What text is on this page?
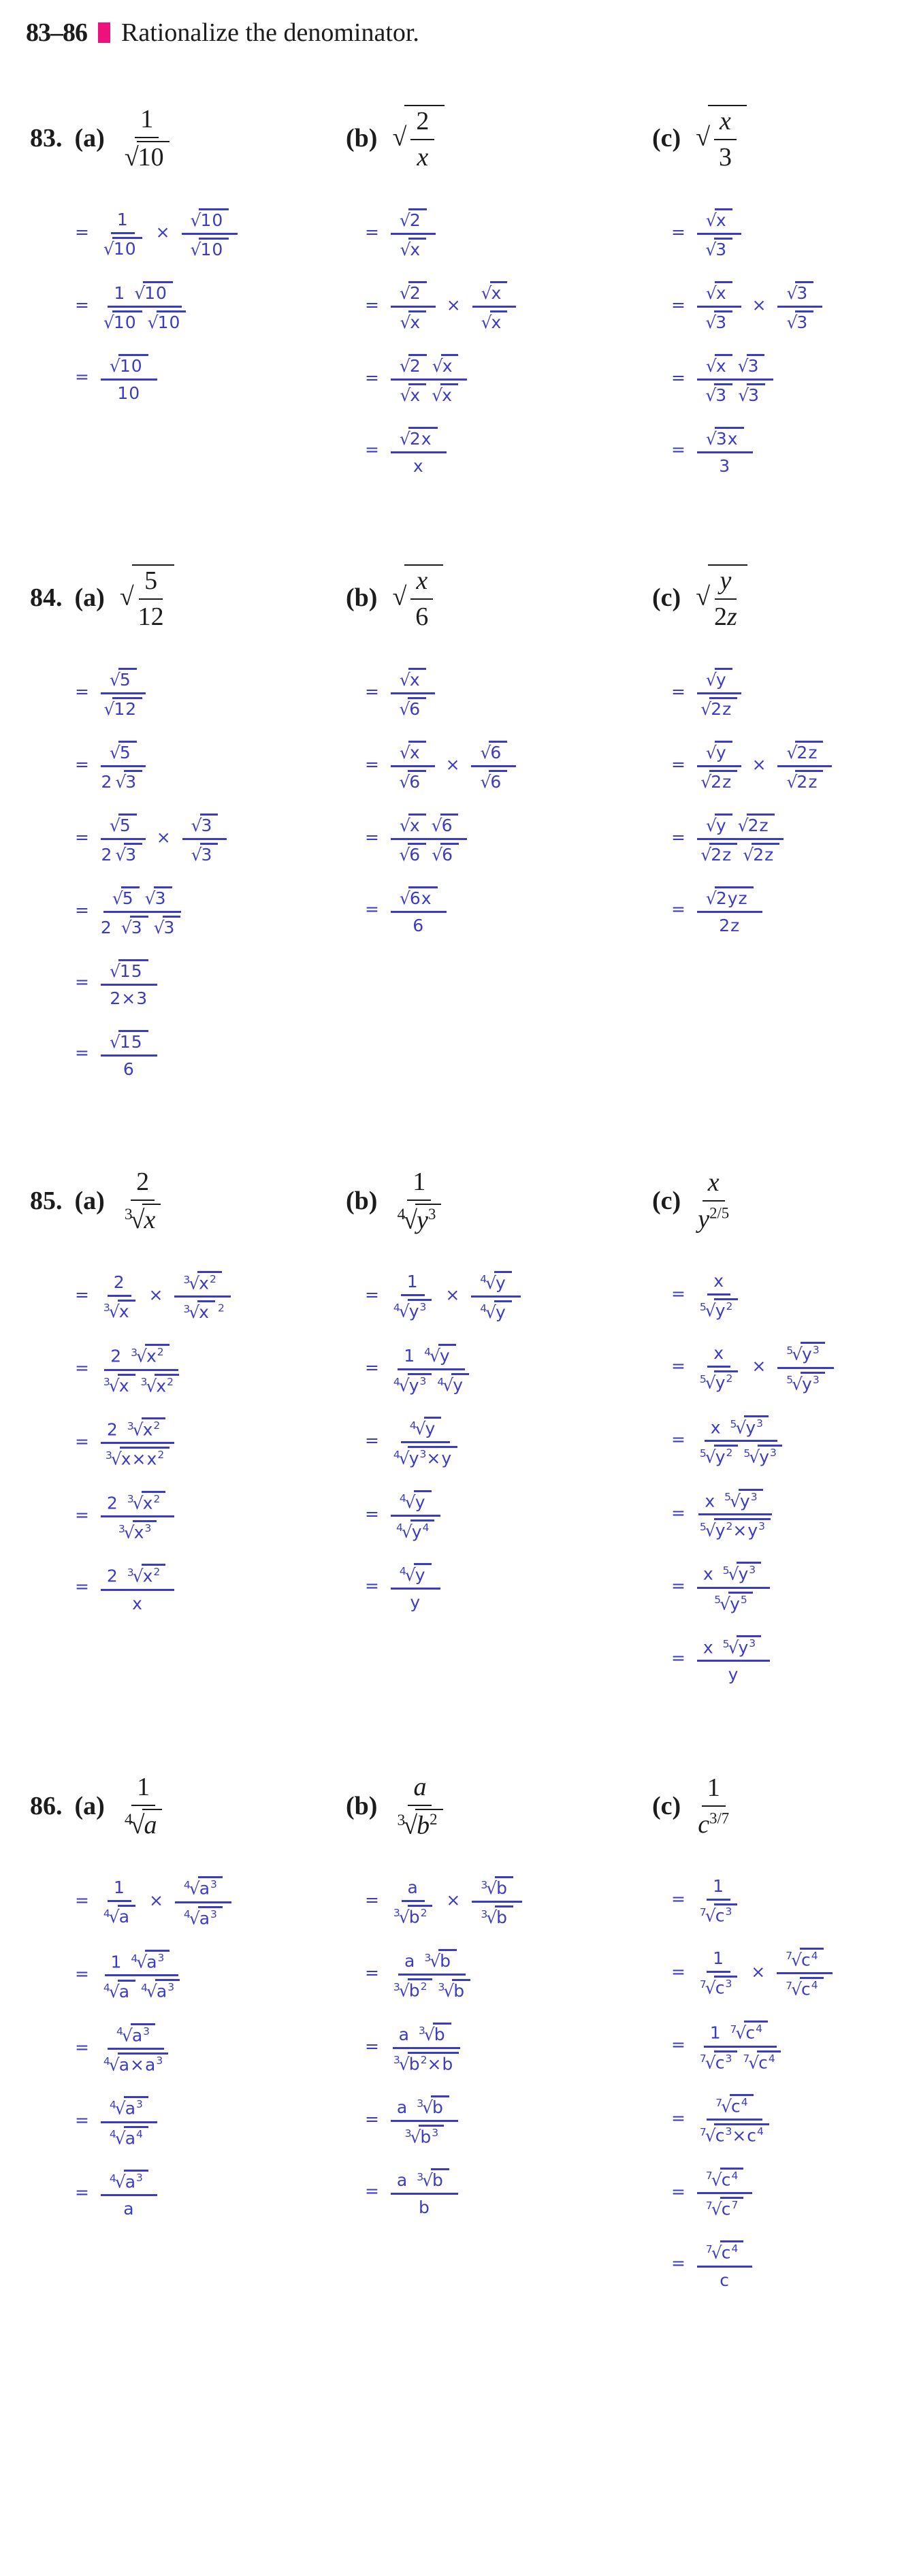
83–86 Rationalize the denominator.
83. $(a) \frac{1}{√10}$
= $\frac{1}{√10} \times \frac{√10}{√10}$
= $\frac{1 √10}{√10 √10}$
= $\frac{√10}{10}$
(b) √ $\frac{2}{x}$
= $\frac{√2}{√x}$
= $\frac{√2}{√x} \times \frac{√x}{√x}$
= $\frac{√2 √x}{√x √x}$
= $\frac{√2x}{x}$
(c) √ $\frac{x}{3}$
= $\frac{√x}{√3}$
= $\frac{√x}{√3} \times \frac{√3}{√3}$
= $\frac{√x √3}{√3 √3}$
= $\frac{√3x}{3}$
84. (a) √ $\frac{5}{12}$
= $\frac{√5}{√12}$
= $\frac{√5}{2 √3}$
= $\frac{√5}{2 √3} \times \frac{√3}{√3}$
= $\frac{√5 √3}{2 √3 √3}$
= $\frac{√15}{2\times 3}$
= $\frac{√15}{6}$
(b) √ $\frac{x}{6}$
= $\frac{√x}{√6}$
= $\frac{√x}{√6} \times \frac{√6}{√6}$
= $\frac{√x √6}{√6 √6}$
= $\frac{√6x}{6}$
(c) √ $\frac{y}{2z}$
= $\frac{√y}{√2z}$
= $\frac{√y}{√2z} \times \frac{√2z}{√2z}$
= $\frac{√y √2z}{√2z √2z}$
= $\frac{√2yz}{2z}$
85. $(a) \frac{2}{^3√x}$
= $\frac{2}{^3√x} \times \frac{^3√x^2}{^3√x ^2}$
= $\frac{2 ^3√x^2}{^3√x ^3√x^2}$
= $\frac{2 ^3√x^2}{^3√x\times x^2}$
= $\frac{2 ^3√x^2}{^3√x^3}$
= $\frac{2 ^3√x^2}{x}$
$(b) \frac{1}{^4√y^3}$
= $\frac{1}{^4√y^3} \times \frac{^4√y}{^4√y}$
= $\frac{1 ^4√y}{^4√y^3 ^4√y}$
= $\frac{^4√y}{^4√y^3\times y}$
= $\frac{^4√y}{^4√y^4}$
= $\frac{^4√y}{y}$
$(c) \frac{x}{y^{2/5}}$
= $\frac{x}{^5√y^2}$
= $\frac{x}{^5√y^2} \times \frac{^5√y^3}{^5√y^3}$
= $\frac{x ^5√y^3}{^5√y^2 ^5√y^3}$
= $\frac{x ^5√y^3}{^5√y^2\times y^3}$
= $\frac{x ^5√y^3}{^5√y^5}$
= $\frac{x ^5√y^3}{y}$
86. $(a) \frac{1}{^4√a}$
= $\frac{1}{^4√a} \times \frac{^4√a^3}{^4√a^3}$
= $\frac{1 ^4√a^3}{^4√a ^4√a^3}$
= $\frac{^4√a^3}{^4√a\times a^3}$
= $\frac{^4√a^3}{^4√a^4}$
= $\frac{^4√a^3}{a}$
$(b) \frac{a}{^3√b^2}$
= $\frac{a}{^3√b^2} \times \frac{^3√b}{^3√b}$
= $\frac{a ^3√b}{^3√b^2 ^3√b}$
= $\frac{a ^3√b}{^3√b^2\times b}$
= $\frac{a ^3√b}{^3√b^3}$
= $\frac{a ^3√b}{b}$
$(c) \frac{1}{c^{3/7}}$
= $\frac{1}{^7√c^3}$
= $\frac{1}{^7√c^3} \times \frac{^7√c^4}{^7√c^4}$
= $\frac{1 ^7√c^4}{^7√c^3 ^7√c^4}$
= $\frac{^7√c^4}{^7√c^3\times c^4}$
= $\frac{^7√c^4}{^7√c^7}$
= $\frac{^7√c^4}{c}$
